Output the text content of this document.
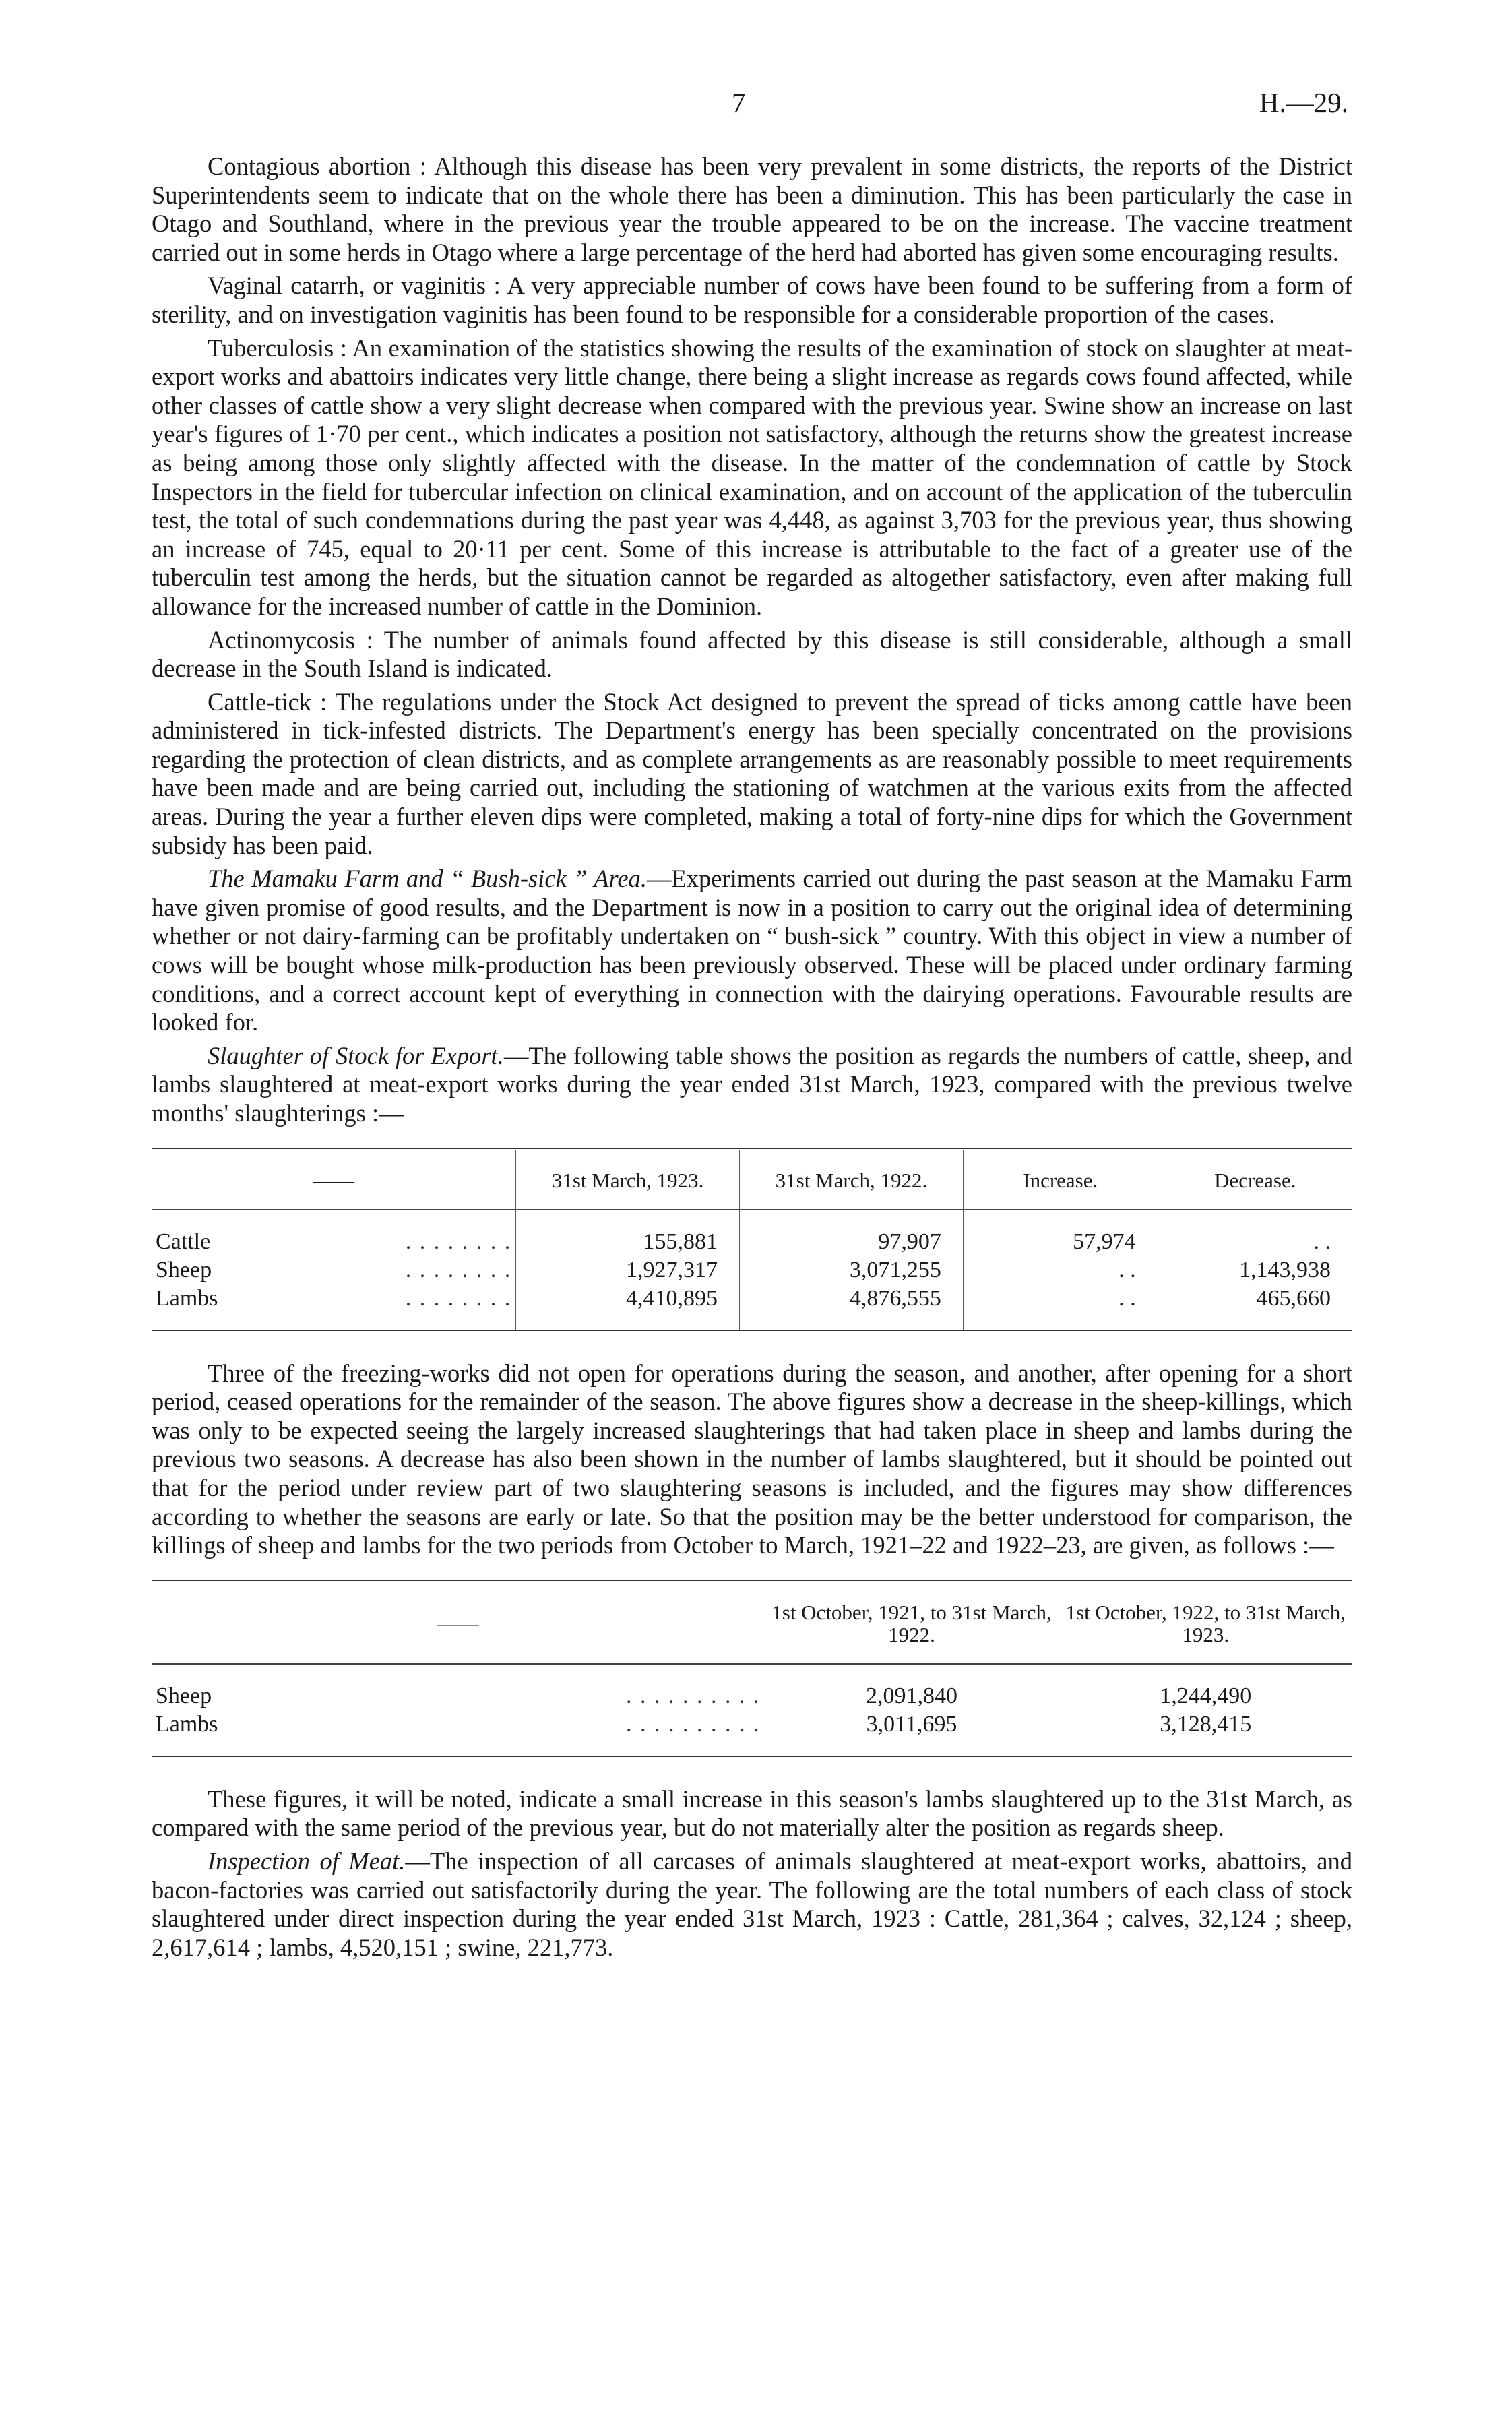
7	H.—29.

Contagious abortion : Although this disease has been very prevalent in some districts, the reports of the District Superintendents seem to indicate that on the whole there has been a diminution. This has been particularly the case in Otago and Southland, where in the previous year the trouble appeared to be on the increase. The vaccine treatment carried out in some herds in Otago where a large percentage of the herd had aborted has given some encouraging results.

Vaginal catarrh, or vaginitis : A very appreciable number of cows have been found to be suffering from a form of sterility, and on investigation vaginitis has been found to be responsible for a considerable proportion of the cases.

Tuberculosis : An examination of the statistics showing the results of the examination of stock on slaughter at meat-export works and abattoirs indicates very little change, there being a slight increase as regards cows found affected, while other classes of cattle show a very slight decrease when compared with the previous year. Swine show an increase on last year's figures of 1·70 per cent., which indicates a position not satisfactory, although the returns show the greatest increase as being among those only slightly affected with the disease. In the matter of the condemnation of cattle by Stock Inspectors in the field for tubercular infection on clinical examination, and on account of the application of the tuberculin test, the total of such condemnations during the past year was 4,448, as against 3,703 for the previous year, thus showing an increase of 745, equal to 20·11 per cent. Some of this increase is attributable to the fact of a greater use of the tuberculin test among the herds, but the situation cannot be regarded as altogether satisfactory, even after making full allowance for the increased number of cattle in the Dominion.

Actinomycosis : The number of animals found affected by this disease is still considerable, although a small decrease in the South Island is indicated.

Cattle-tick : The regulations under the Stock Act designed to prevent the spread of ticks among cattle have been administered in tick-infested districts. The Department's energy has been specially concentrated on the provisions regarding the protection of clean districts, and as complete arrangements as are reasonably possible to meet requirements have been made and are being carried out, including the stationing of watchmen at the various exits from the affected areas. During the year a further eleven dips were completed, making a total of forty-nine dips for which the Government subsidy has been paid.

The Mamaku Farm and “ Bush-sick ” Area.—Experiments carried out during the past season at the Mamaku Farm have given promise of good results, and the Department is now in a position to carry out the original idea of determining whether or not dairy-farming can be profitably undertaken on “ bush-sick ” country. With this object in view a number of cows will be bought whose milk-production has been previously observed. These will be placed under ordinary farming conditions, and a correct account kept of everything in connection with the dairying operations. Favourable results are looked for.

Slaughter of Stock for Export.—The following table shows the position as regards the numbers of cattle, sheep, and lambs slaughtered at meat-export works during the year ended 31st March, 1923, compared with the previous twelve months' slaughterings :—

——	31st March, 1923.	31st March, 1922.	Increase.	Decrease.

Cattle . . . . . . . .	155,881	97,907	57,974	. .

Sheep . . . . . . . .	1,927,317	3,071,255	. .	1,143,938

Lambs . . . . . . . .	4,410,895	4,876,555	. .	465,660

Three of the freezing-works did not open for operations during the season, and another, after opening for a short period, ceased operations for the remainder of the season. The above figures show a decrease in the sheep-killings, which was only to be expected seeing the largely increased slaughterings that had taken place in sheep and lambs during the previous two seasons. A decrease has also been shown in the number of lambs slaughtered, but it should be pointed out that for the period under review part of two slaughtering seasons is included, and the figures may show differences according to whether the seasons are early or late. So that the position may be the better understood for comparison, the killings of sheep and lambs for the two periods from October to March, 1921–22 and 1922–23, are given, as follows :—

——	1st October, 1921, to 31st March, 1922.	1st October, 1922, to 31st March, 1923.

Sheep . . . . . . . . . .	2,091,840	1,244,490

Lambs . . . . . . . . . .	3,011,695	3,128,415

These figures, it will be noted, indicate a small increase in this season's lambs slaughtered up to the 31st March, as compared with the same period of the previous year, but do not materially alter the position as regards sheep.

Inspection of Meat.—The inspection of all carcases of animals slaughtered at meat-export works, abattoirs, and bacon-factories was carried out satisfactorily during the year. The following are the total numbers of each class of stock slaughtered under direct inspection during the year ended 31st March, 1923 : Cattle, 281,364 ; calves, 32,124 ; sheep, 2,617,614 ; lambs, 4,520,151 ; swine, 221,773.
